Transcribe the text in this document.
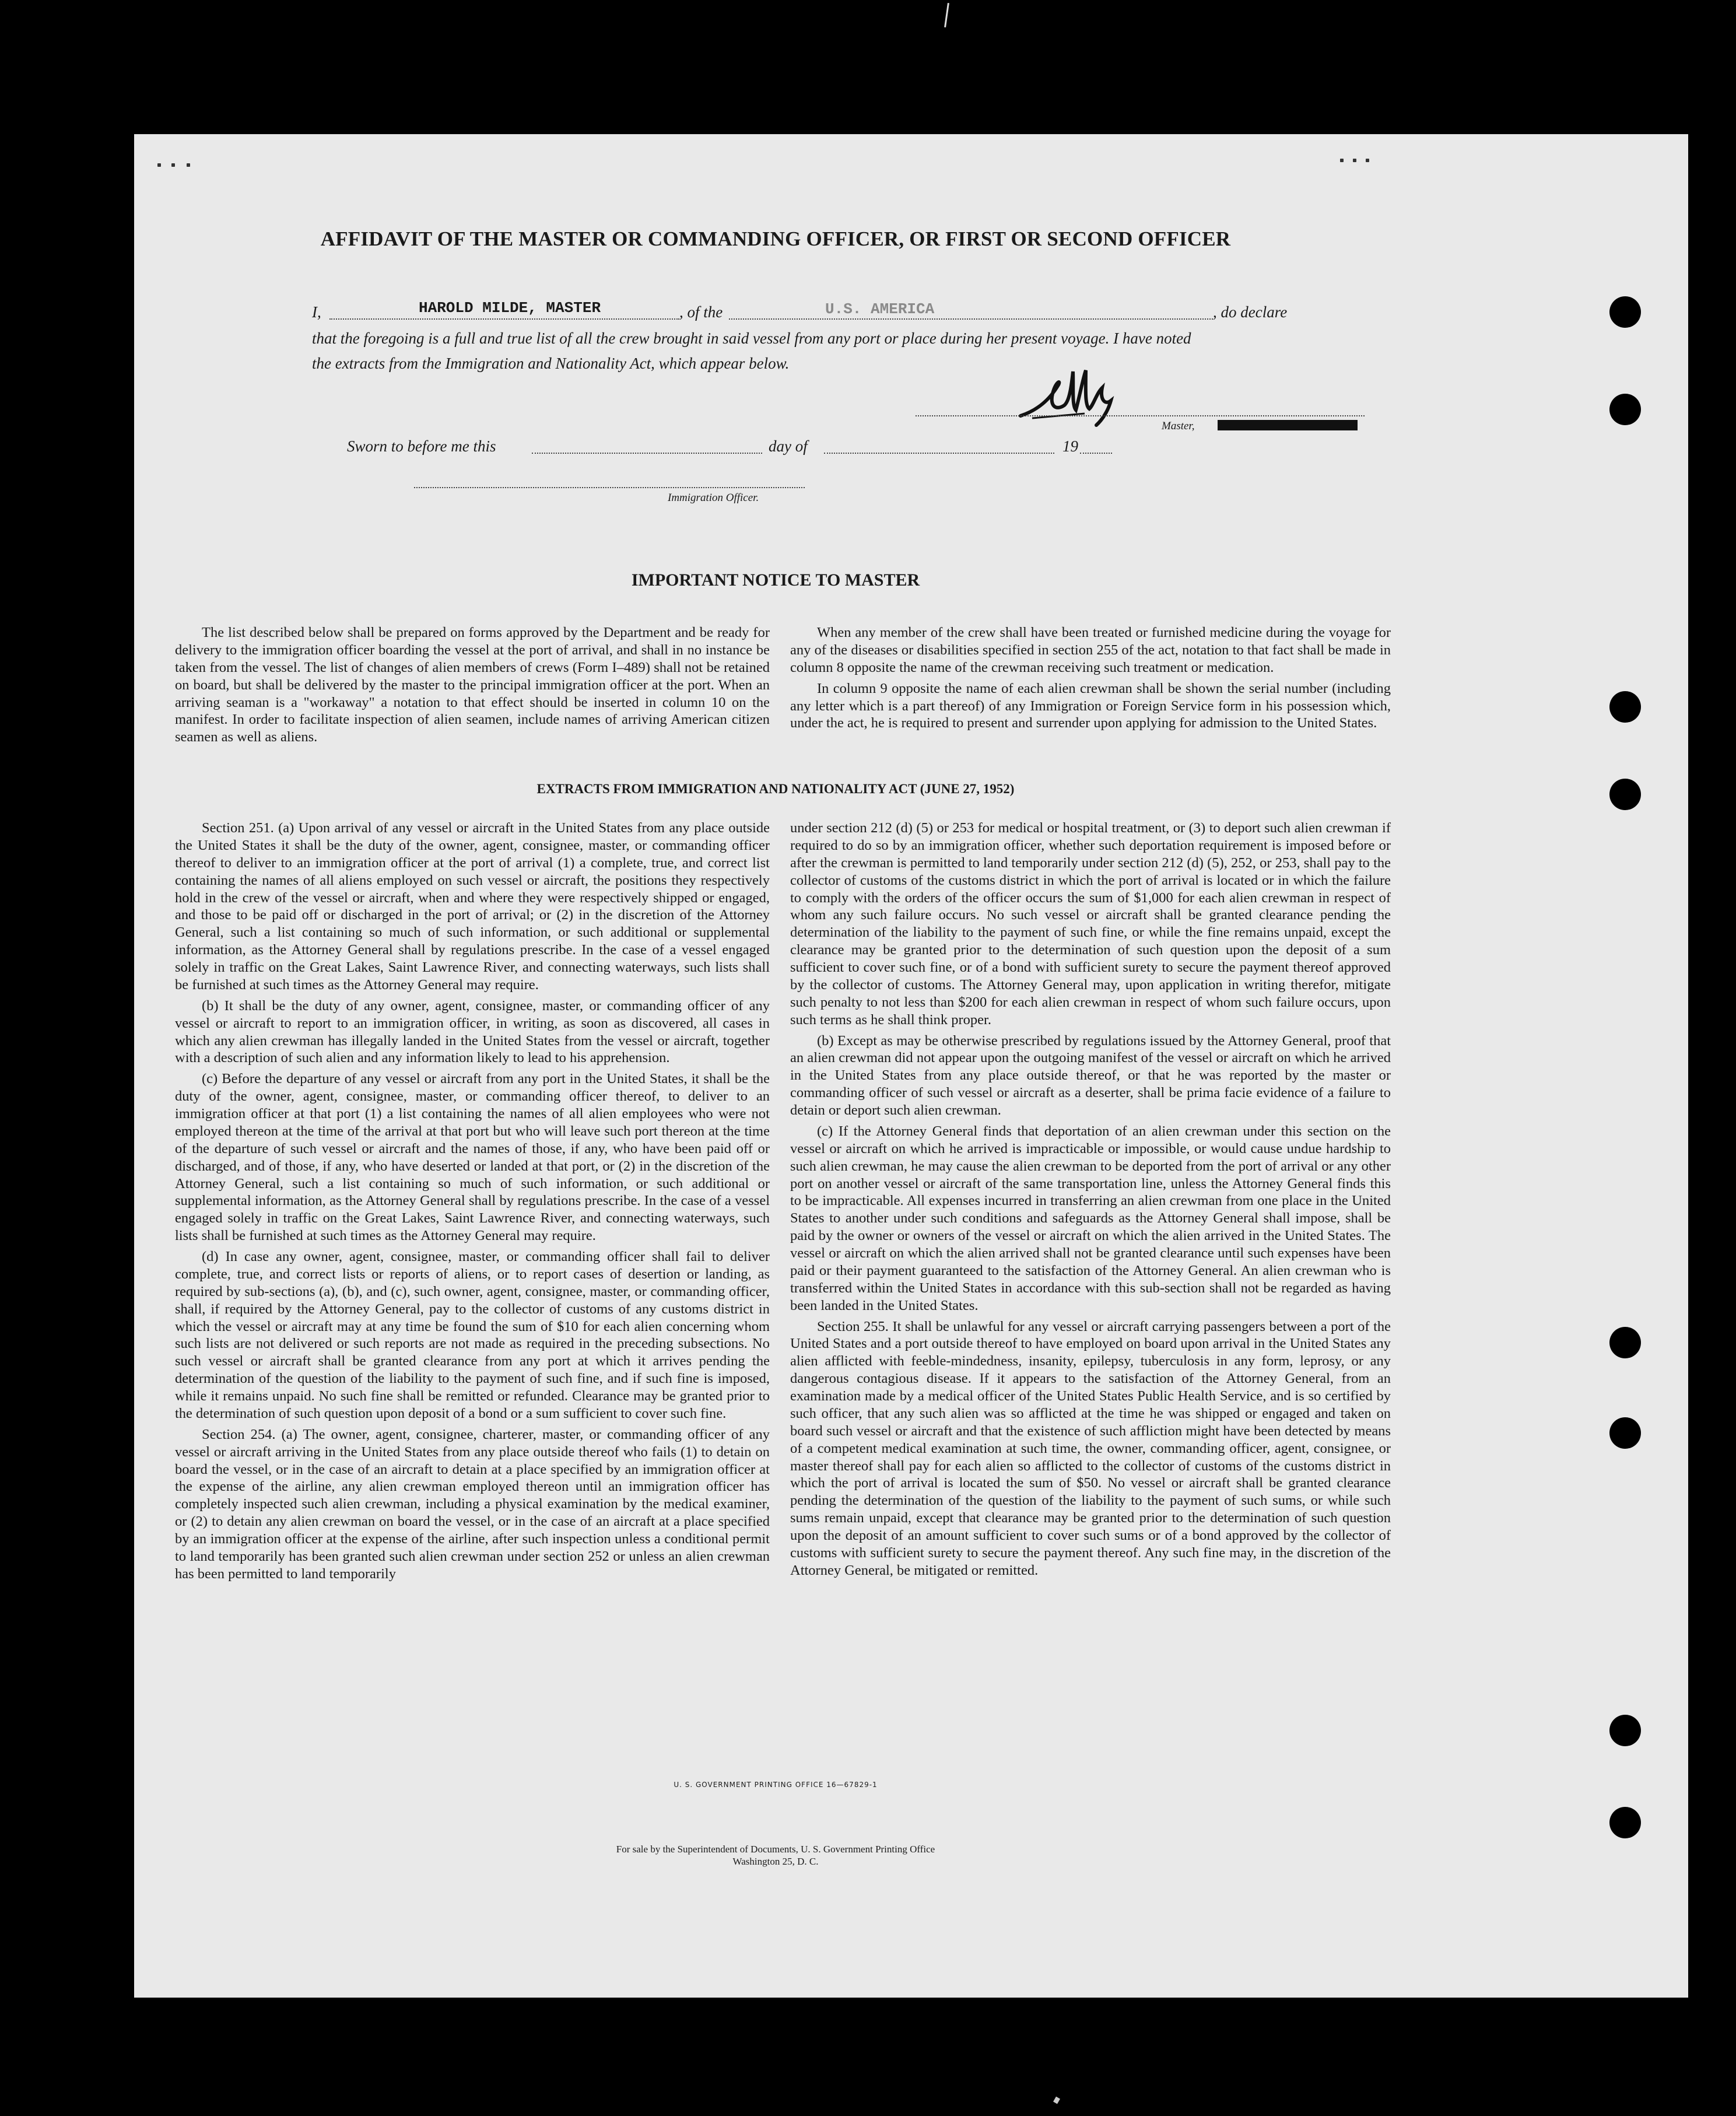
AFFIDAVIT OF THE MASTER OR COMMANDING OFFICER, OR FIRST OR SECOND OFFICER
I,	HAROLD MILDE, MASTER	, of the	U.S. AMERICA	, do declare
that the foregoing is a full and true list of all the crew brought in said vessel from any port or place during her present voyage. I have noted
the extracts from the Immigration and Nationality Act, which appear below.
Master,
Sworn to before me this	day of	19
Immigration Officer.
IMPORTANT NOTICE TO MASTER

The list described below shall be prepared on forms approved by the Department and be ready for delivery to the immigration officer boarding the vessel at the port of arrival, and shall in no instance be taken from the vessel. The list of changes of alien members of crews (Form I–489) shall not be retained on board, but shall be delivered by the master to the principal immigration officer at the port. When an arriving seaman is a "workaway" a notation to that effect should be inserted in column 10 on the manifest. In order to facilitate inspection of alien seamen, include names of arriving American citizen seamen as well as aliens.

When any member of the crew shall have been treated or furnished medicine during the voyage for any of the diseases or disabilities specified in section 255 of the act, notation to that fact shall be made in column 8 opposite the name of the crewman receiving such treatment or medication.

In column 9 opposite the name of each alien crewman shall be shown the serial number (including any letter which is a part thereof) of any Immigration or Foreign Service form in his possession which, under the act, he is required to present and surrender upon applying for admission to the United States.

EXTRACTS FROM IMMIGRATION AND NATIONALITY ACT (JUNE 27, 1952)

Section 251. (a) Upon arrival of any vessel or aircraft in the United States from any place outside the United States it shall be the duty of the owner, agent, consignee, master, or commanding officer thereof to deliver to an immigration officer at the port of arrival (1) a complete, true, and correct list containing the names of all aliens employed on such vessel or aircraft, the positions they respectively hold in the crew of the vessel or aircraft, when and where they were respectively shipped or engaged, and those to be paid off or discharged in the port of arrival; or (2) in the discretion of the Attorney General, such a list containing so much of such information, or such additional or supplemental information, as the Attorney General shall by regulations prescribe. In the case of a vessel engaged solely in traffic on the Great Lakes, Saint Lawrence River, and connecting waterways, such lists shall be furnished at such times as the Attorney General may require.

(b) It shall be the duty of any owner, agent, consignee, master, or commanding officer of any vessel or aircraft to report to an immigration officer, in writing, as soon as discovered, all cases in which any alien crewman has illegally landed in the United States from the vessel or aircraft, together with a description of such alien and any information likely to lead to his apprehension.

(c) Before the departure of any vessel or aircraft from any port in the United States, it shall be the duty of the owner, agent, consignee, master, or commanding officer thereof, to deliver to an immigration officer at that port (1) a list containing the names of all alien employees who were not employed thereon at the time of the arrival at that port but who will leave such port thereon at the time of the departure of such vessel or aircraft and the names of those, if any, who have been paid off or discharged, and of those, if any, who have deserted or landed at that port, or (2) in the discretion of the Attorney General, such a list containing so much of such information, or such additional or supplemental information, as the Attorney General shall by regulations prescribe. In the case of a vessel engaged solely in traffic on the Great Lakes, Saint Lawrence River, and connecting waterways, such lists shall be furnished at such times as the Attorney General may require.

(d) In case any owner, agent, consignee, master, or commanding officer shall fail to deliver complete, true, and correct lists or reports of aliens, or to report cases of desertion or landing, as required by sub-sections (a), (b), and (c), such owner, agent, consignee, master, or commanding officer, shall, if required by the Attorney General, pay to the collector of customs of any customs district in which the vessel or aircraft may at any time be found the sum of $10 for each alien concerning whom such lists are not delivered or such reports are not made as required in the preceding subsections. No such vessel or aircraft shall be granted clearance from any port at which it arrives pending the determination of the question of the liability to the payment of such fine, and if such fine is imposed, while it remains unpaid. No such fine shall be remitted or refunded. Clearance may be granted prior to the determination of such question upon deposit of a bond or a sum sufficient to cover such fine.

Section 254. (a) The owner, agent, consignee, charterer, master, or commanding officer of any vessel or aircraft arriving in the United States from any place outside thereof who fails (1) to detain on board the vessel, or in the case of an aircraft to detain at a place specified by an immigration officer at the expense of the airline, any alien crewman employed thereon until an immigration officer has completely inspected such alien crewman, including a physical examination by the medical examiner, or (2) to detain any alien crewman on board the vessel, or in the case of an aircraft at a place specified by an immigration officer at the expense of the airline, after such inspection unless a conditional permit to land temporarily has been granted such alien crewman under section 252 or unless an alien crewman has been permitted to land temporarily

under section 212 (d) (5) or 253 for medical or hospital treatment, or (3) to deport such alien crewman if required to do so by an immigration officer, whether such deportation requirement is imposed before or after the crewman is permitted to land temporarily under section 212 (d) (5), 252, or 253, shall pay to the collector of customs of the customs district in which the port of arrival is located or in which the failure to comply with the orders of the officer occurs the sum of $1,000 for each alien crewman in respect of whom any such failure occurs. No such vessel or aircraft shall be granted clearance pending the determination of the liability to the payment of such fine, or while the fine remains unpaid, except the clearance may be granted prior to the determination of such question upon the deposit of a sum sufficient to cover such fine, or of a bond with sufficient surety to secure the payment thereof approved by the collector of customs. The Attorney General may, upon application in writing therefor, mitigate such penalty to not less than $200 for each alien crewman in respect of whom such failure occurs, upon such terms as he shall think proper.

(b) Except as may be otherwise prescribed by regulations issued by the Attorney General, proof that an alien crewman did not appear upon the outgoing manifest of the vessel or aircraft on which he arrived in the United States from any place outside thereof, or that he was reported by the master or commanding officer of such vessel or aircraft as a deserter, shall be prima facie evidence of a failure to detain or deport such alien crewman.

(c) If the Attorney General finds that deportation of an alien crewman under this section on the vessel or aircraft on which he arrived is impracticable or impossible, or would cause undue hardship to such alien crewman, he may cause the alien crewman to be deported from the port of arrival or any other port on another vessel or aircraft of the same transportation line, unless the Attorney General finds this to be impracticable. All expenses incurred in transferring an alien crewman from one place in the United States to another under such conditions and safeguards as the Attorney General shall impose, shall be paid by the owner or owners of the vessel or aircraft on which the alien arrived in the United States. The vessel or aircraft on which the alien arrived shall not be granted clearance until such expenses have been paid or their payment guaranteed to the satisfaction of the Attorney General. An alien crewman who is transferred within the United States in accordance with this sub-section shall not be regarded as having been landed in the United States.

Section 255. It shall be unlawful for any vessel or aircraft carrying passengers between a port of the United States and a port outside thereof to have employed on board upon arrival in the United States any alien afflicted with feeble-mindedness, insanity, epilepsy, tuberculosis in any form, leprosy, or any dangerous contagious disease. If it appears to the satisfaction of the Attorney General, from an examination made by a medical officer of the United States Public Health Service, and is so certified by such officer, that any such alien was so afflicted at the time he was shipped or engaged and taken on board such vessel or aircraft and that the existence of such affliction might have been detected by means of a competent medical examination at such time, the owner, commanding officer, agent, consignee, or master thereof shall pay for each alien so afflicted to the collector of customs of the customs district in which the port of arrival is located the sum of $50. No vessel or aircraft shall be granted clearance pending the determination of the question of the liability to the payment of such sums, or while such sums remain unpaid, except that clearance may be granted prior to the determination of such question upon the deposit of an amount sufficient to cover such sums or of a bond approved by the collector of customs with sufficient surety to secure the payment thereof. Any such fine may, in the discretion of the Attorney General, be mitigated or remitted.

U. S. GOVERNMENT PRINTING OFFICE 16—67829-1
For sale by the Superintendent of Documents, U. S. Government Printing Office
Washington 25, D. C.
